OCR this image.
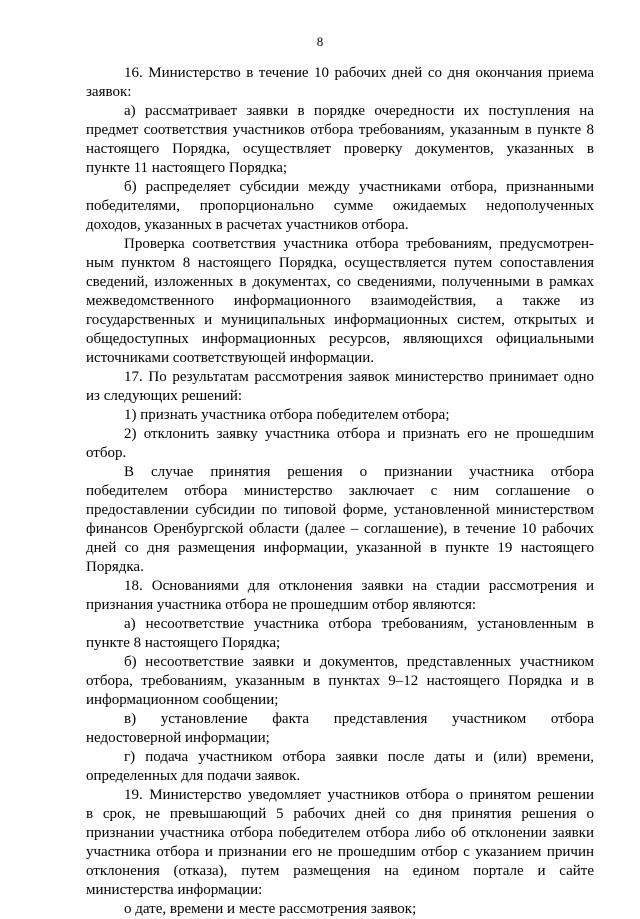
8
16. Министерство в течение 10 рабочих дней со дня окончания приема
заявок:
а) рассматривает заявки в порядке очередности их поступления на
предмет соответствия участников отбора требованиям, указанным в пункте 8
настоящего Порядка, осуществляет проверку документов, указанных в
пункте 11 настоящего Порядка;
б) распределяет субсидии между участниками отбора, признанными
победителями, пропорционально сумме ожидаемых недополученных
доходов, указанных в расчетах участников отбора.
Проверка соответствия участника отбора требованиям, предусмотрен-
ным пунктом 8 настоящего Порядка, осуществляется путем сопоставления
сведений, изложенных в документах, со сведениями, полученными в рамках
межведомственного информационного взаимодействия, а также из
государственных и муниципальных информационных систем, открытых и
общедоступных информационных ресурсов, являющихся официальными
источниками соответствующей информации.
17. По результатам рассмотрения заявок министерство принимает одно
из следующих решений:
1) признать участника отбора победителем отбора;
2) отклонить заявку участника отбора и признать его не прошедшим
отбор.
В случае принятия решения о признании участника отбора
победителем отбора министерство заключает с ним соглашение о
предоставлении субсидии по типовой форме, установленной министерством
финансов Оренбургской области (далее – соглашение), в течение 10 рабочих
дней со дня размещения информации, указанной в пункте 19 настоящего
Порядка.
18. Основаниями для отклонения заявки на стадии рассмотрения и
признания участника отбора не прошедшим отбор являются:
а) несоответствие участника отбора требованиям, установленным в
пункте 8 настоящего Порядка;
б) несоответствие заявки и документов, представленных участником
отбора, требованиям, указанным в пунктах 9–12 настоящего Порядка и в
информационном сообщении;
в) установление факта представления участником отбора
недостоверной информации;
г) подача участником отбора заявки после даты и (или) времени,
определенных для подачи заявок.
19. Министерство уведомляет участников отбора о принятом решении
в срок, не превышающий 5 рабочих дней со дня принятия решения о
признании участника отбора победителем отбора либо об отклонении заявки
участника отбора и признании его не прошедшим отбор с указанием причин
отклонения (отказа), путем размещения на едином портале и сайте
министерства информации:
о дате, времени и месте рассмотрения заявок;
